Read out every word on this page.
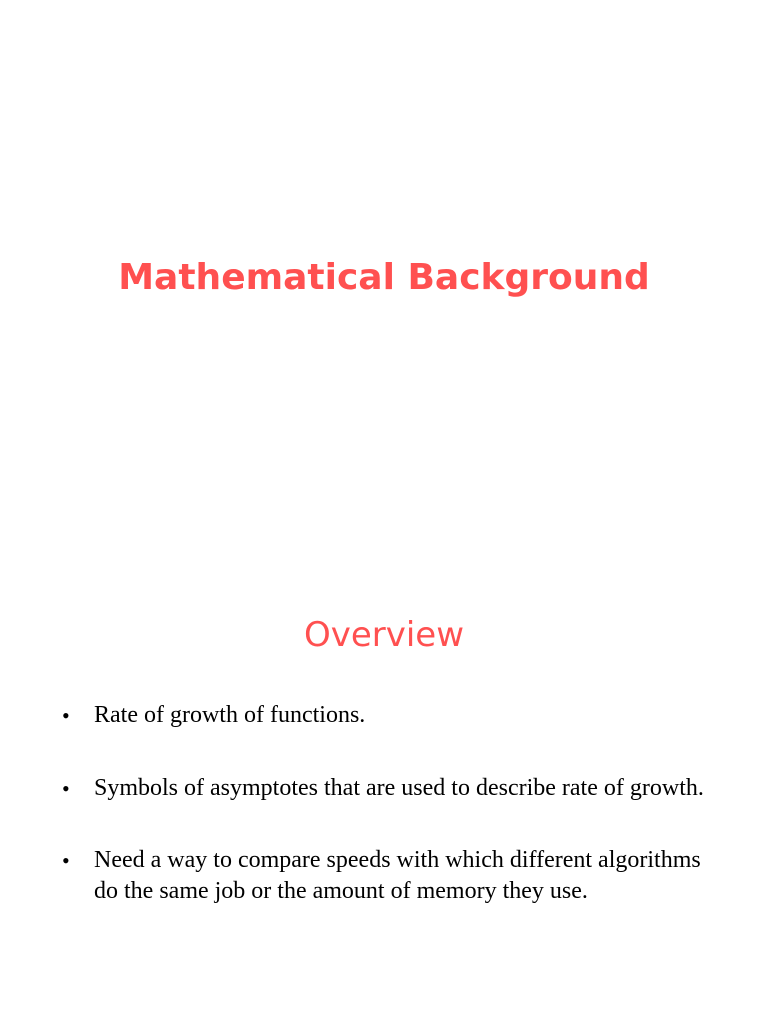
Mathematical Background
Overview
• Rate of growth of functions.
• Symbols of asymptotes that are used to describe rate of growth.
• Need a way to compare speeds with which different algorithms do the same job or the amount of memory they use.
